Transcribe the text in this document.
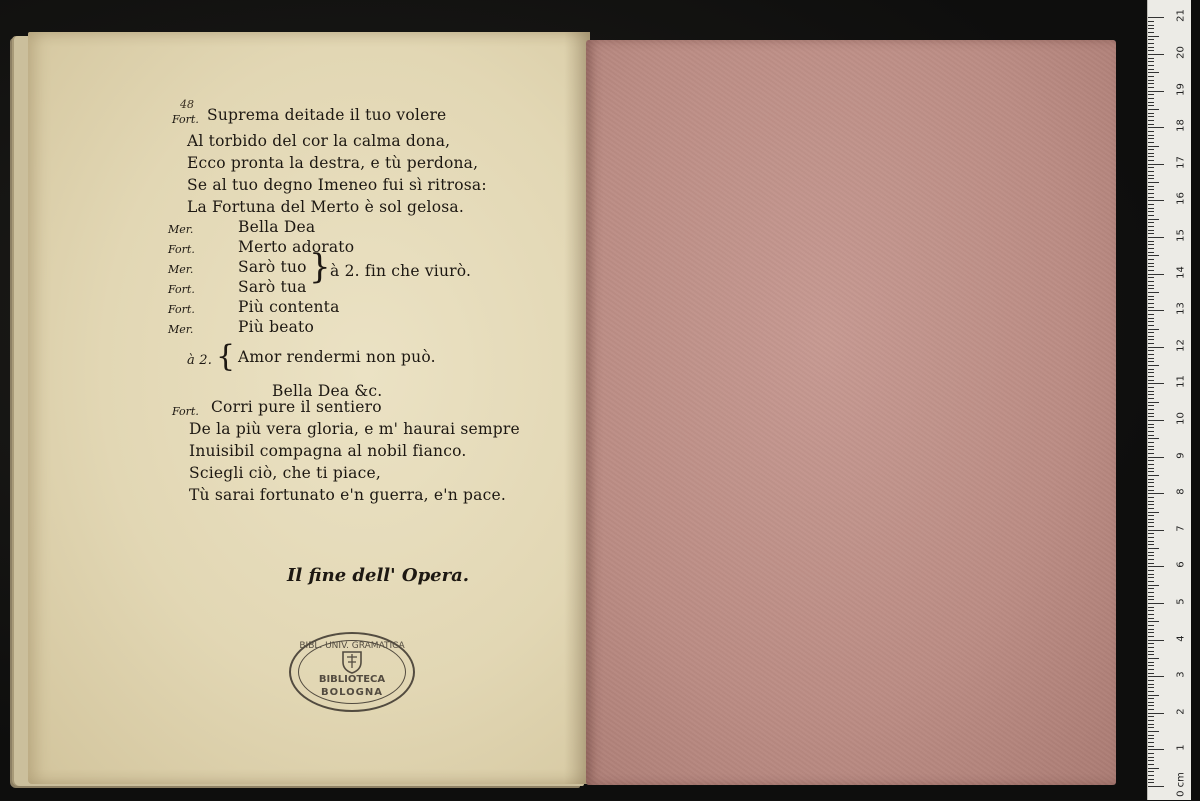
48
Fort. Suprema deitade il tuo volere
Al torbido del cor la calma dona,
Ecco pronta la destra, e tù perdona,
Se al tuo degno Imeneo fui sì ritrosa:
La Fortuna del Merto è sol gelosa.
Mer.	Bella Dea
Fort.	Merto adorato
Mer.	Sarò tuo
Fort.	Sarò tua
Fort.	Più contenta
Mer.	Più beato
} à 2. fin che viurò.
à 2. { Amor rendermi non può.
Bella Dea &c.
Fort. Corri pure il sentiero
De la più vera gloria, e m' haurai sempre
Inuisibil compagna al nobil fianco.
Sciegli ciò, che ti piace,
Tù sarai fortunato e'n guerra, e'n pace.
Il fine dell' Opera.
BIBL. UNIV. GRAMATICA
BIBLIOTECA
BOLOGNA
0 cm
1
2
3
4
5
6
7
8
9
10
11
12
13
14
15
16
17
18
19
20
21
